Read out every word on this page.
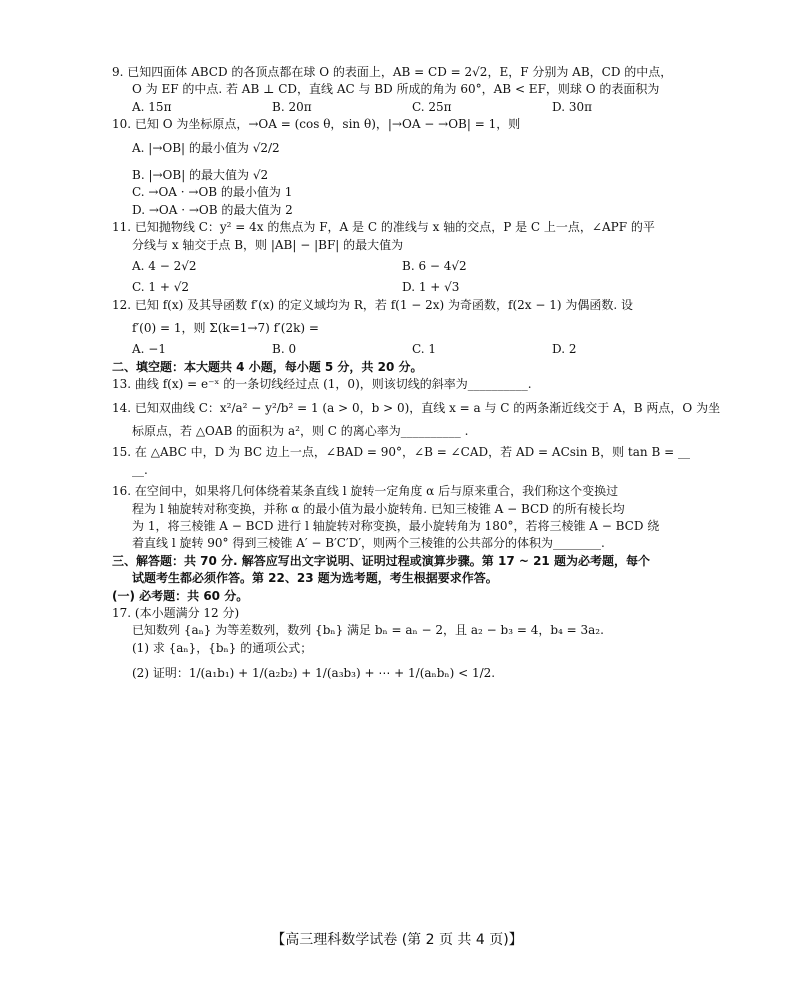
9. 已知四面体 ABCD 的各顶点都在球 O 的表面上，AB = CD = 2√2，E，F 分别为 AB，CD 的中点，
O 为 EF 的中点. 若 AB ⊥ CD，直线 AC 与 BD 所成的角为 60°，AB < EF，则球 O 的表面积为
A. 15π	B. 20π	C. 25π	D. 30π
10. 已知 O 为坐标原点，→OA = (cos θ，sin θ)，|→OA − →OB| = 1，则
A. |→OB| 的最小值为 √2/2
B. |→OB| 的最大值为 √2
C. →OA · →OB 的最小值为 1
D. →OA · →OB 的最大值为 2
11. 已知抛物线 C：y² = 4x 的焦点为 F，A 是 C 的准线与 x 轴的交点，P 是 C 上一点，∠APF 的平
分线与 x 轴交于点 B，则 |AB| − |BF| 的最大值为
A. 4 − 2√2	B. 6 − 4√2
C. 1 + √2	D. 1 + √3
12. 已知 f(x) 及其导函数 f′(x) 的定义域均为 R，若 f(1 − 2x) 为奇函数，f(2x − 1) 为偶函数. 设
f′(0) = 1，则 Σ(k=1→7) f′(2k) =
A. −1	B. 0	C. 1	D. 2
二、填空题：本大题共 4 小题，每小题 5 分，共 20 分。
13. 曲线 f(x) = e⁻ˣ 的一条切线经过点 (1，0)，则该切线的斜率为__________.
14. 已知双曲线 C：x²/a² − y²/b² = 1 (a > 0，b > 0)，直线 x = a 与 C 的两条渐近线交于 A，B 两点，O 为坐
标原点，若 △OAB 的面积为 a²，则 C 的离心率为__________ .
15. 在 △ABC 中，D 为 BC 边上一点，∠BAD = 90°，∠B = ∠CAD，若 AD = ACsin B，则 tan B = __
__.
16. 在空间中，如果将几何体绕着某条直线 l 旋转一定角度 α 后与原来重合，我们称这个变换过
程为 l 轴旋转对称变换，并称 α 的最小值为最小旋转角. 已知三棱锥 A − BCD 的所有棱长均
为 1，将三棱锥 A − BCD 进行 l 轴旋转对称变换，最小旋转角为 180°，若将三棱锥 A − BCD 绕
着直线 l 旋转 90° 得到三棱锥 A′ − B′C′D′，则两个三棱锥的公共部分的体积为________.
三、解答题：共 70 分. 解答应写出文字说明、证明过程或演算步骤。第 17 ~ 21 题为必考题，每个
试题考生都必须作答。第 22、23 题为选考题，考生根据要求作答。
(一) 必考题：共 60 分。
17. (本小题满分 12 分)
已知数列 {aₙ} 为等差数列，数列 {bₙ} 满足 bₙ = aₙ − 2，且 a₂ − b₃ = 4，b₄ = 3a₂.
(1) 求 {aₙ}，{bₙ} 的通项公式；
(2) 证明：1/(a₁b₁) + 1/(a₂b₂) + 1/(a₃b₃) + ⋯ + 1/(aₙbₙ) < 1/2.
【高三理科数学试卷 (第 2 页 共 4 页)】
